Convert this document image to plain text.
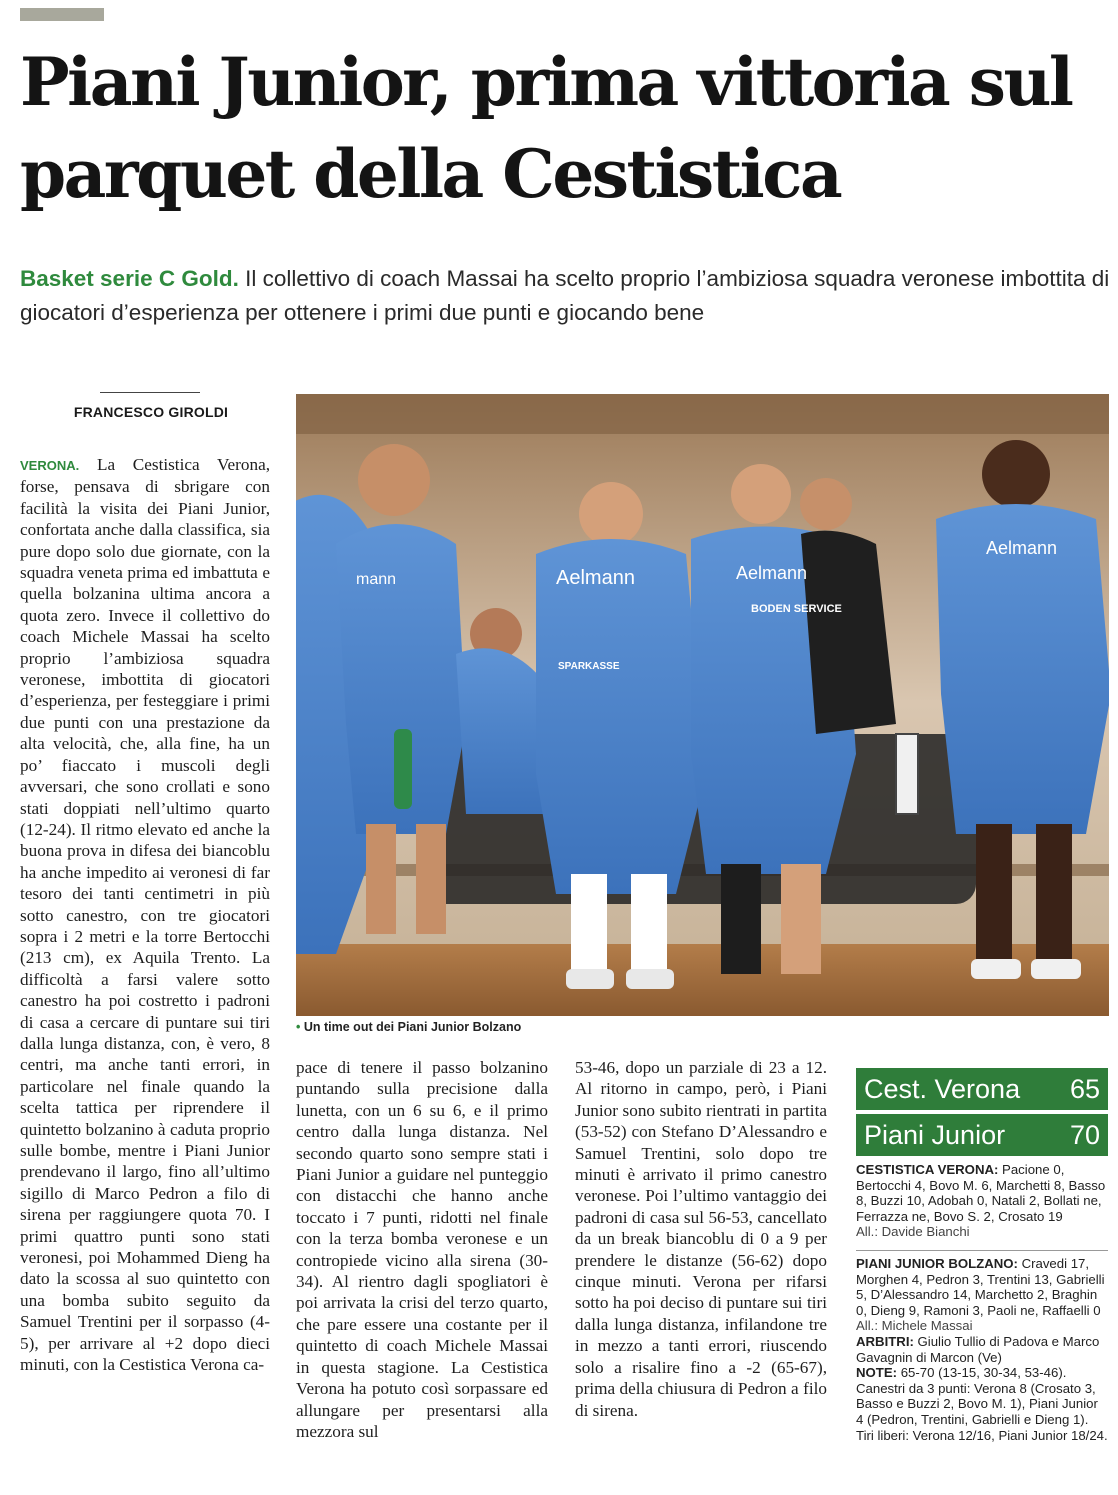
Piani Junior, prima vittoria sul parquet della Cestistica

Basket serie C Gold. Il collettivo di coach Massai ha scelto proprio l’ambiziosa squadra veronese imbottita di giocatori d’esperienza per ottenere i primi due punti e giocando bene

FRANCESCO GIROLDI
VERONA. La Cestistica Verona, forse, pensava di sbrigare con facilità la visita dei Piani Junior, confortata anche dalla classifica, sia pure dopo solo due giornate, con la squadra veneta prima ed imbattuta e quella bolzanina ultima ancora a quota zero. Invece il collettivo do coach Michele Massai ha scelto proprio l’ambiziosa squadra veronese, imbottita di giocatori d’esperienza, per festeggiare i primi due punti con una prestazione da alta velocità, che, alla fine, ha un po’ fiaccato i muscoli degli avversari, che sono crollati e sono stati doppiati nell’ultimo quarto (12-24). Il ritmo elevato ed anche la buona prova in difesa dei biancoblu ha anche impedito ai veronesi di far tesoro dei tanti centimetri in più sotto canestro, con tre giocatori sopra i 2 metri e la torre Bertocchi (213 cm), ex Aquila Trento. La difficoltà a farsi valere sotto canestro ha poi costretto i padroni di casa a cercare di puntare sui tiri dalla lunga distanza, con, è vero, 8 centri, ma anche tanti errori, in particolare nel finale quando la scelta tattica per riprendere il quintetto bolzanino à caduta proprio sulle bombe, mentre i Piani Junior prendevano il largo, fino all’ultimo sigillo di Marco Pedron a filo di sirena per raggiungere quota 70. I primi quattro punti sono stati veronesi, poi Mohammed Dieng ha dato la scossa al suo quintetto con una bomba subito seguito da Samuel Trentini per il sorpasso (4-5), per arrivare al +2 dopo dieci minuti, con la Cestistica Verona ca-
mann	Aelmann	Aelmann
Aelmann
BODEN SERVICE
SPARKASSE
• Un time out dei Piani Junior Bolzano
pace di tenere il passo bolzanino puntando sulla precisione dalla lunetta, con un 6 su 6, e il primo centro dalla lunga distanza. Nel secondo quarto sono sempre stati i Piani Junior a guidare nel punteggio con distacchi che hanno anche toccato i 7 punti, ridotti nel finale con la terza bomba veronese e un contropiede vicino alla sirena (30-34). Al rientro dagli spogliatori è poi arrivata la crisi del terzo quarto, che pare essere una costante per il quintetto di coach Michele Massai in questa stagione. La Cestistica Verona ha potuto così sorpassare ed allungare per presentarsi alla mezzora sul
53-46, dopo un parziale di 23 a 12. Al ritorno in campo, però, i Piani Junior sono subito rientrati in partita (53-52) con Stefano D’Alessandro e Samuel Trentini, solo dopo tre minuti è arrivato il primo canestro veronese. Poi l’ultimo vantaggio dei padroni di casa sul 56-53, cancellato da un break biancoblu di 0 a 9 per prendere le distanze (56-62) dopo cinque minuti. Verona per rifarsi sotto ha poi deciso di puntare sui tiri dalla lunga distanza, infilandone tre in mezzo a tanti errori, riuscendo solo a risalire fino a -2 (65-67), prima della chiusura di Pedron a filo di sirena.
Cest. Verona 65
Piani Junior 70
CESTISTICA VERONA: Pacione 0, Bertocchi 4, Bovo M. 6, Marchetti 8, Basso 8, Buzzi 10, Adobah 0, Natali 2, Bollati ne, Ferrazza ne, Bovo S. 2, Crosato 19
All.: Davide Bianchi
PIANI JUNIOR BOLZANO: Cravedi 17, Morghen 4, Pedron 3, Trentini 13, Gabrielli 5, D’Alessandro 14, Marchetto 2, Braghin 0, Dieng 9, Ramoni 3, Paoli ne, Raffaelli 0
All.: Michele Massai
ARBITRI: Giulio Tullio di Padova e Marco Gavagnin di Marcon (Ve)
NOTE: 65-70 (13-15, 30-34, 53-46). Canestri da 3 punti: Verona 8 (Crosato 3, Basso e Buzzi 2, Bovo M. 1), Piani Junior 4 (Pedron, Trentini, Gabrielli e Dieng 1). Tiri liberi: Verona 12/16, Piani Junior 18/24.
